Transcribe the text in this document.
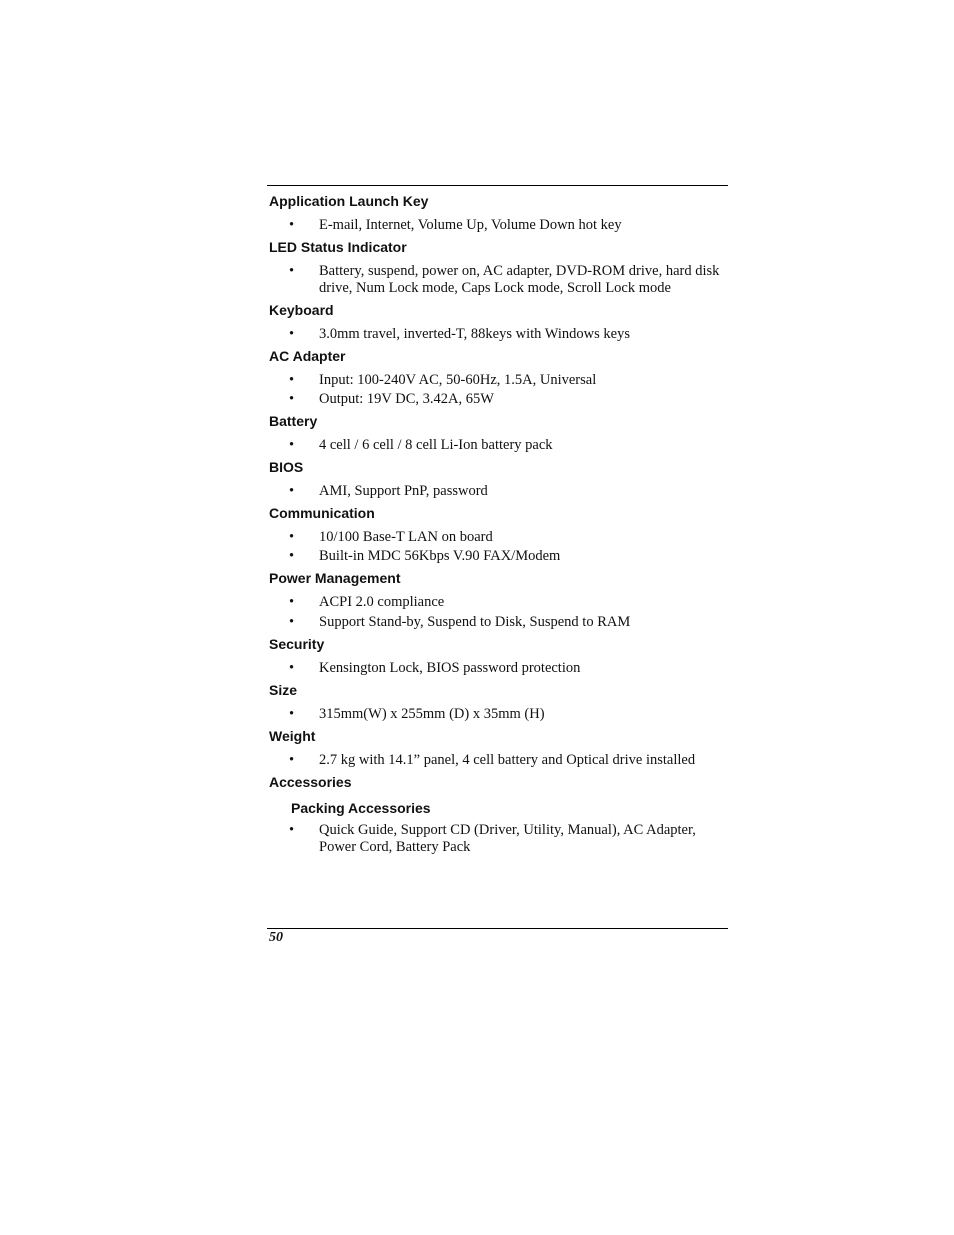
Application Launch Key
• E-mail, Internet, Volume Up, Volume Down hot key
LED Status Indicator
• Battery, suspend, power on, AC adapter, DVD-ROM drive, hard disk drive, Num Lock mode, Caps Lock mode, Scroll Lock mode
Keyboard
• 3.0mm travel, inverted-T, 88keys with Windows keys
AC Adapter
• Input: 100-240V AC, 50-60Hz, 1.5A, Universal
• Output: 19V DC, 3.42A, 65W
Battery
• 4 cell / 6 cell / 8 cell Li-Ion battery pack
BIOS
• AMI, Support PnP, password
Communication
• 10/100 Base-T LAN on board
• Built-in MDC 56Kbps V.90 FAX/Modem
Power Management
• ACPI 2.0 compliance
• Support Stand-by, Suspend to Disk, Suspend to RAM
Security
• Kensington Lock, BIOS password protection
Size
• 315mm(W) x 255mm (D) x 35mm (H)
Weight
• 2.7 kg with 14.1” panel, 4 cell battery and Optical drive installed
Accessories
Packing Accessories
• Quick Guide, Support CD (Driver, Utility, Manual), AC Adapter, Power Cord, Battery Pack
50
